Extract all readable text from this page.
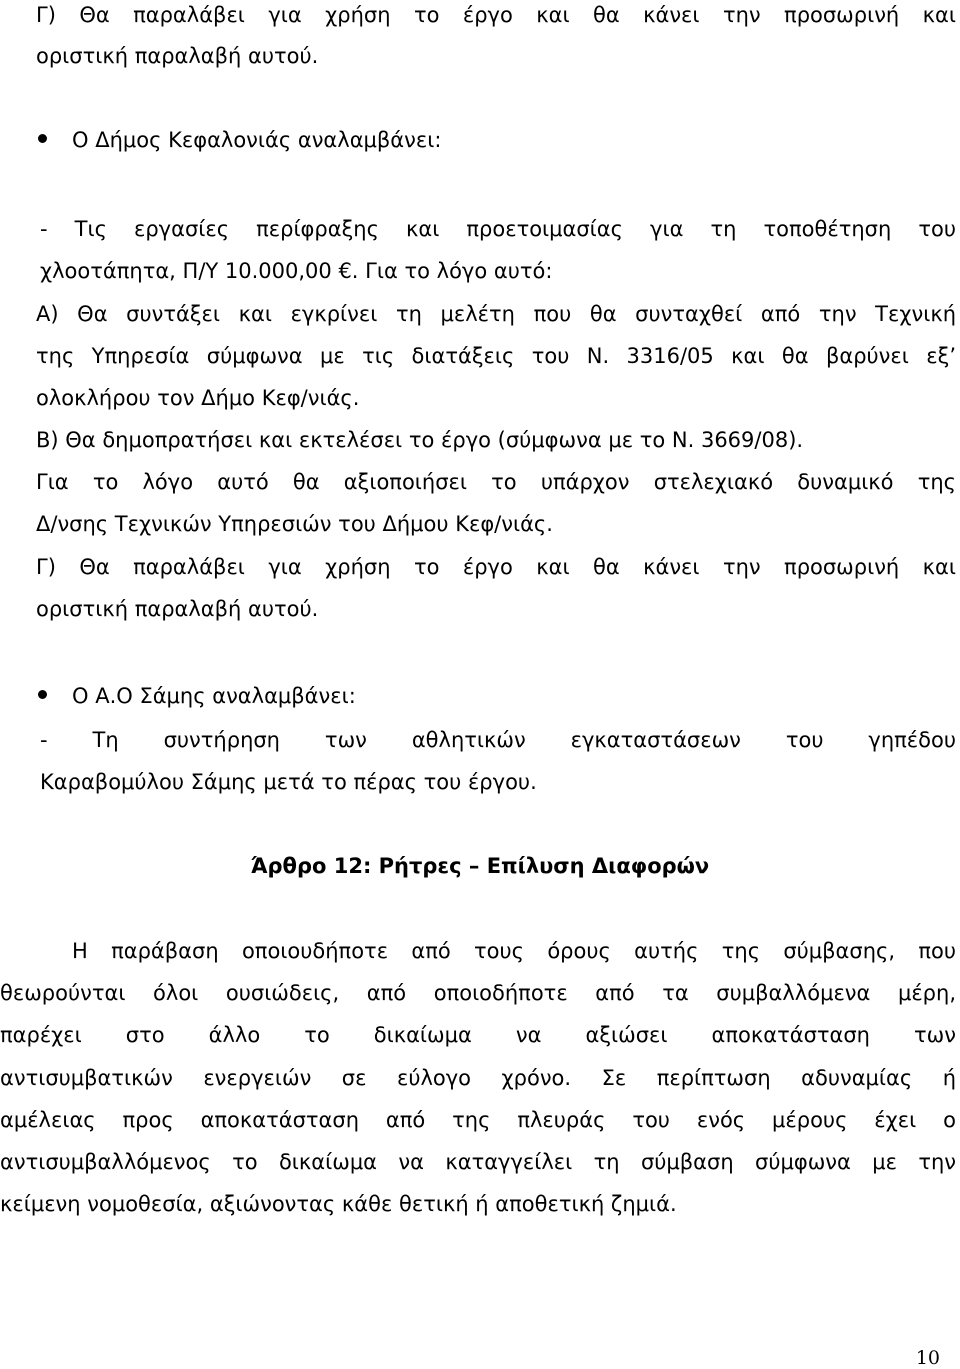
Γ) Θα παραλάβει για χρήση το έργο και θα κάνει την προσωρινή και
οριστική παραλαβή αυτού.
Ο Δήμος Κεφαλονιάς αναλαμβάνει:
- Τις εργασίες περίφραξης και προετοιμασίας για τη τοποθέτηση του
χλοοτάπητα, Π/Υ 10.000,00 €. Για το λόγο αυτό:
Α) Θα συντάξει και εγκρίνει τη μελέτη που θα συνταχθεί από την Τεχνική
της Υπηρεσία σύμφωνα με τις διατάξεις του Ν. 3316/05 και θα βαρύνει εξ’
ολοκλήρου τον Δήμο Κεφ/νιάς.
Β) Θα δημοπρατήσει και εκτελέσει το έργο (σύμφωνα με το Ν. 3669/08).
Για το λόγο αυτό θα αξιοποιήσει το υπάρχον στελεχιακό δυναμικό της
Δ/νσης Τεχνικών Υπηρεσιών του Δήμου Κεφ/νιάς.
Γ) Θα παραλάβει για χρήση το έργο και θα κάνει την προσωρινή και
οριστική παραλαβή αυτού.
Ο Α.Ο Σάμης αναλαμβάνει:
- Τη συντήρηση των αθλητικών εγκαταστάσεων του γηπέδου
Καραβομύλου Σάμης μετά το πέρας του έργου.
Άρθρο 12: Ρήτρες – Επίλυση Διαφορών
Η παράβαση οποιουδήποτε από τους όρους αυτής της σύμβασης, που
θεωρούνται όλοι ουσιώδεις, από οποιοδήποτε από τα συμβαλλόμενα μέρη,
παρέχει στο άλλο το δικαίωμα να αξιώσει αποκατάσταση των
αντισυμβατικών ενεργειών σε εύλογο χρόνο. Σε περίπτωση αδυναμίας ή
αμέλειας προς αποκατάσταση από της πλευράς του ενός μέρους έχει ο
αντισυμβαλλόμενος το δικαίωμα να καταγγείλει τη σύμβαση σύμφωνα με την
κείμενη νομοθεσία, αξιώνοντας κάθε θετική ή αποθετική ζημιά.
10
